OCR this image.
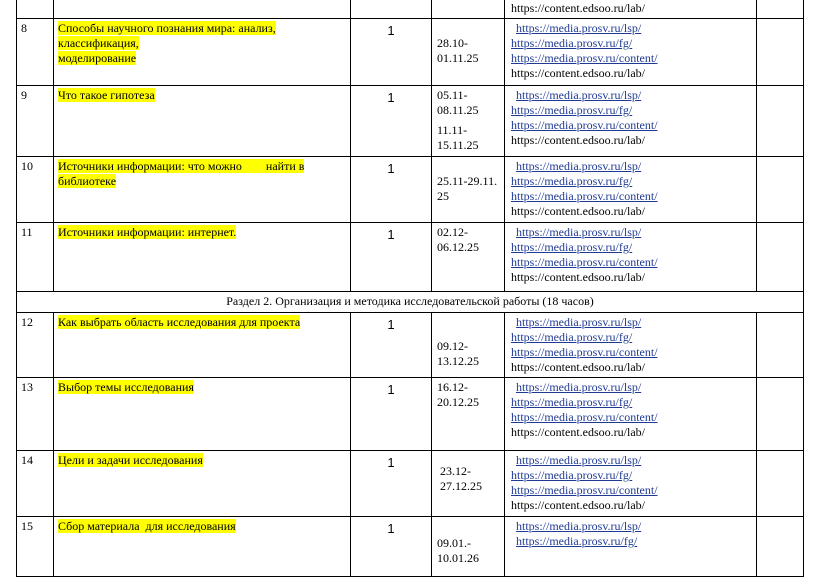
				https://content.edsoo.ru/lab/	

8	Способы научного познания мира: анализ,
классификация,
моделирование	1	28.10-
01.11.25	https://media.prosv.ru/lsp/
https://media.prosv.ru/fg/
https://media.prosv.ru/content/
https://content.edsoo.ru/lab/	

9	Что такое гипотеза	1	05.11-
08.11.25
11.11-
15.11.25	https://media.prosv.ru/lsp/
https://media.prosv.ru/fg/
https://media.prosv.ru/content/
https://content.edsoo.ru/lab/	

10	Источники информации: что можно        найти в
библиотеке	1	25.11-29.11.
25	https://media.prosv.ru/lsp/
https://media.prosv.ru/fg/
https://media.prosv.ru/content/
https://content.edsoo.ru/lab/	

11	Источники информации: интернет.	1	02.12-
06.12.25	https://media.prosv.ru/lsp/
https://media.prosv.ru/fg/
https://media.prosv.ru/content/
https://content.edsoo.ru/lab/	

Раздел 2. Организация и методика исследовательской работы (18 часов)					
12	Как выбрать область исследования для проекта	1	09.12-
13.12.25	https://media.prosv.ru/lsp/
https://media.prosv.ru/fg/
https://media.prosv.ru/content/
https://content.edsoo.ru/lab/	

13	Выбор темы исследования	1	16.12-
20.12.25	https://media.prosv.ru/lsp/
https://media.prosv.ru/fg/
https://media.prosv.ru/content/
https://content.edsoo.ru/lab/	

14	Цели и задачи исследования	1	23.12-
27.12.25	https://media.prosv.ru/lsp/
https://media.prosv.ru/fg/
https://media.prosv.ru/content/
https://content.edsoo.ru/lab/	

15	Сбор материала  для исследования	1	09.01.-
10.01.26	https://media.prosv.ru/lsp/
https://media.prosv.ru/fg/	
